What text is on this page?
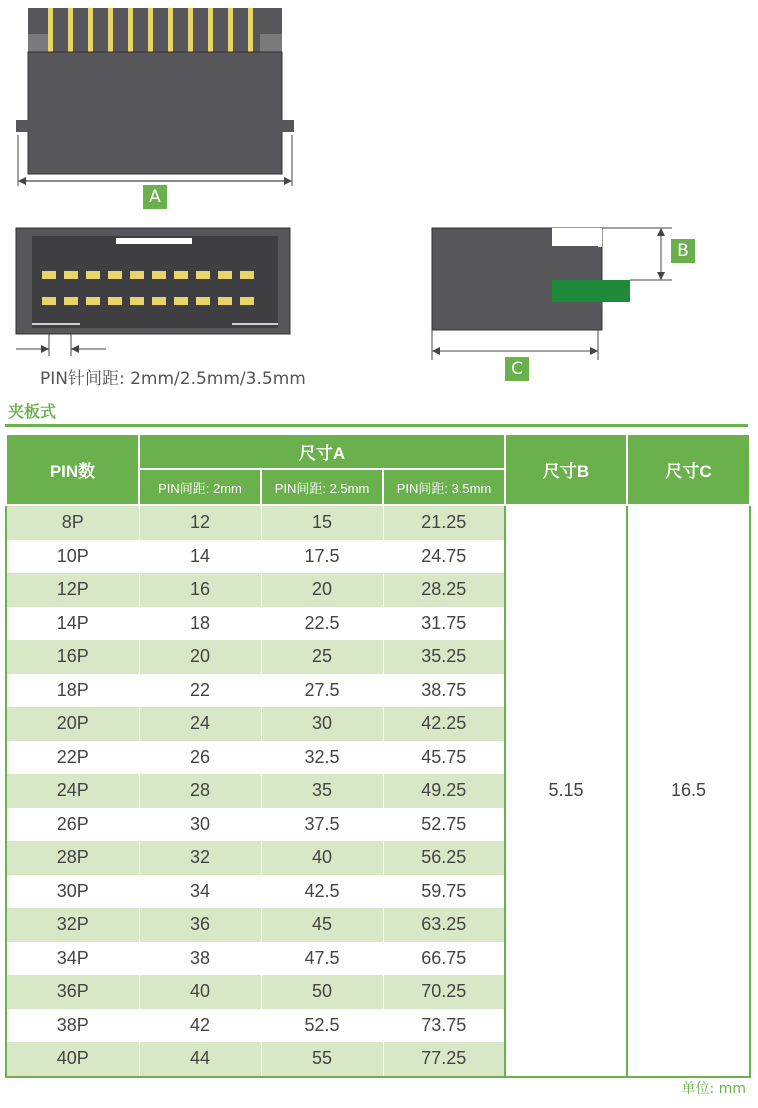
A
PIN针间距: 2mm/2.5mm/3.5mm
B
C
夹板式
PIN数	尺寸A			尺寸B	尺寸C
	PIN间距: 2mm	PIN间距: 2.5mm	PIN间距: 3.5mm		
8P	12	15	21.25	5.15	16.5
10P	14	17.5	24.75		
12P	16	20	28.25		
14P	18	22.5	31.75		
16P	20	25	35.25		
18P	22	27.5	38.75		
20P	24	30	42.25		
22P	26	32.5	45.75		
24P	28	35	49.25		
26P	30	37.5	52.75		
28P	32	40	56.25		
30P	34	42.5	59.75		
32P	36	45	63.25		
34P	38	47.5	66.75		
36P	40	50	70.25		
38P	42	52.5	73.75		
40P	44	55	77.25		
单位: mm
